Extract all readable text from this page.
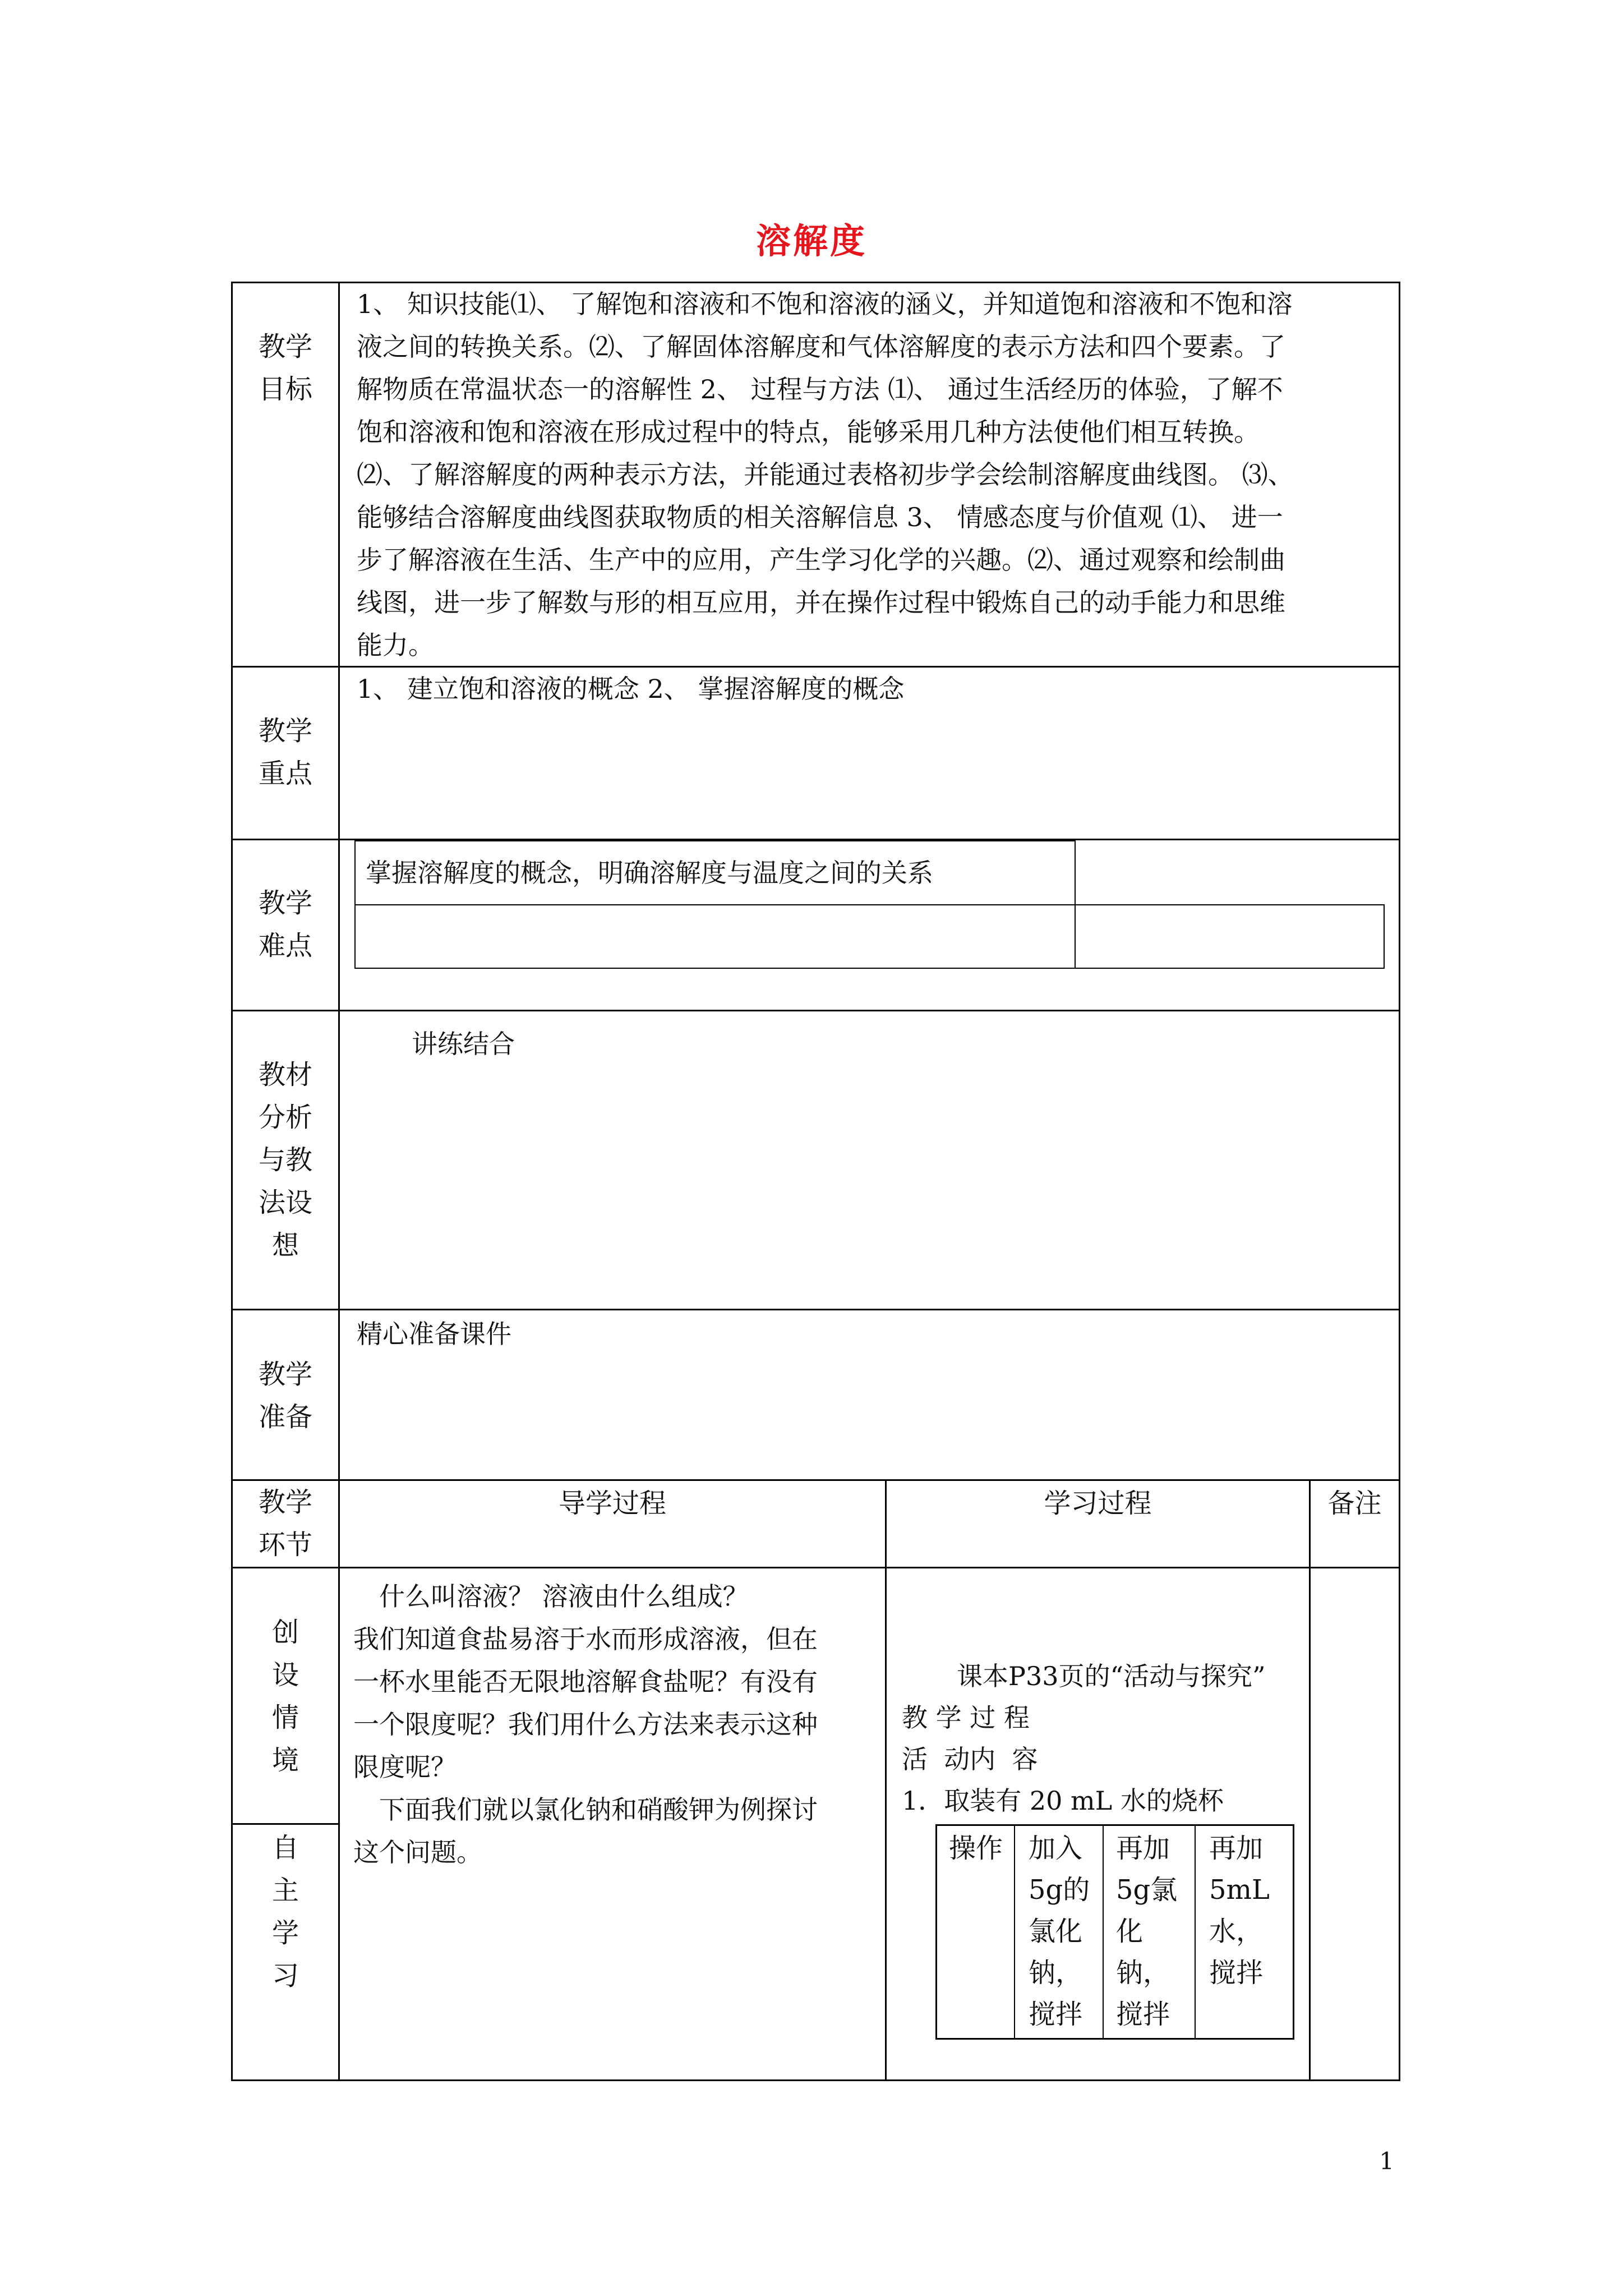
溶解度
教学目标
1、 知识技能⑴、 了解饱和溶液和不饱和溶液的涵义，并知道饱和溶液和不饱和溶
液之间的转换关系。⑵、了解固体溶解度和气体溶解度的表示方法和四个要素。了
解物质在常温状态一的溶解性 2、 过程与方法 ⑴、 通过生活经历的体验，了解不
饱和溶液和饱和溶液在形成过程中的特点，能够采用几种方法使他们相互转换。
⑵、了解溶解度的两种表示方法，并能通过表格初步学会绘制溶解度曲线图。 ⑶、
能够结合溶解度曲线图获取物质的相关溶解信息 3、 情感态度与价值观 ⑴、 进一
步了解溶液在生活、生产中的应用，产生学习化学的兴趣。⑵、通过观察和绘制曲
线图，进一步了解数与形的相互应用，并在操作过程中锻炼自己的动手能力和思维
能力。
教学重点
1、 建立饱和溶液的概念 2、 掌握溶解度的概念
教学难点
掌握溶解度的概念，明确溶解度与温度之间的关系
教材分析与教法设想
讲练结合
教学准备
精心准备课件
教学环节
导学过程	学习过程	备注
创设情境
自主学习
什么叫溶液？ 溶液由什么组成？
我们知道食盐易溶于水而形成溶液，但在
一杯水里能否无限地溶解食盐呢？有没有
一个限度呢？我们用什么方法来表示这种
限度呢？
下面我们就以氯化钠和硝酸钾为例探讨
这个问题。
课本P33页的“活动与探究”
教 学 过 程
活  动内  容
1．取装有 20 mL 水的烧杯
操作 加入5g的氯化钠，搅拌
再加5g氯化钠，搅拌
再加5mL水，搅拌
1
